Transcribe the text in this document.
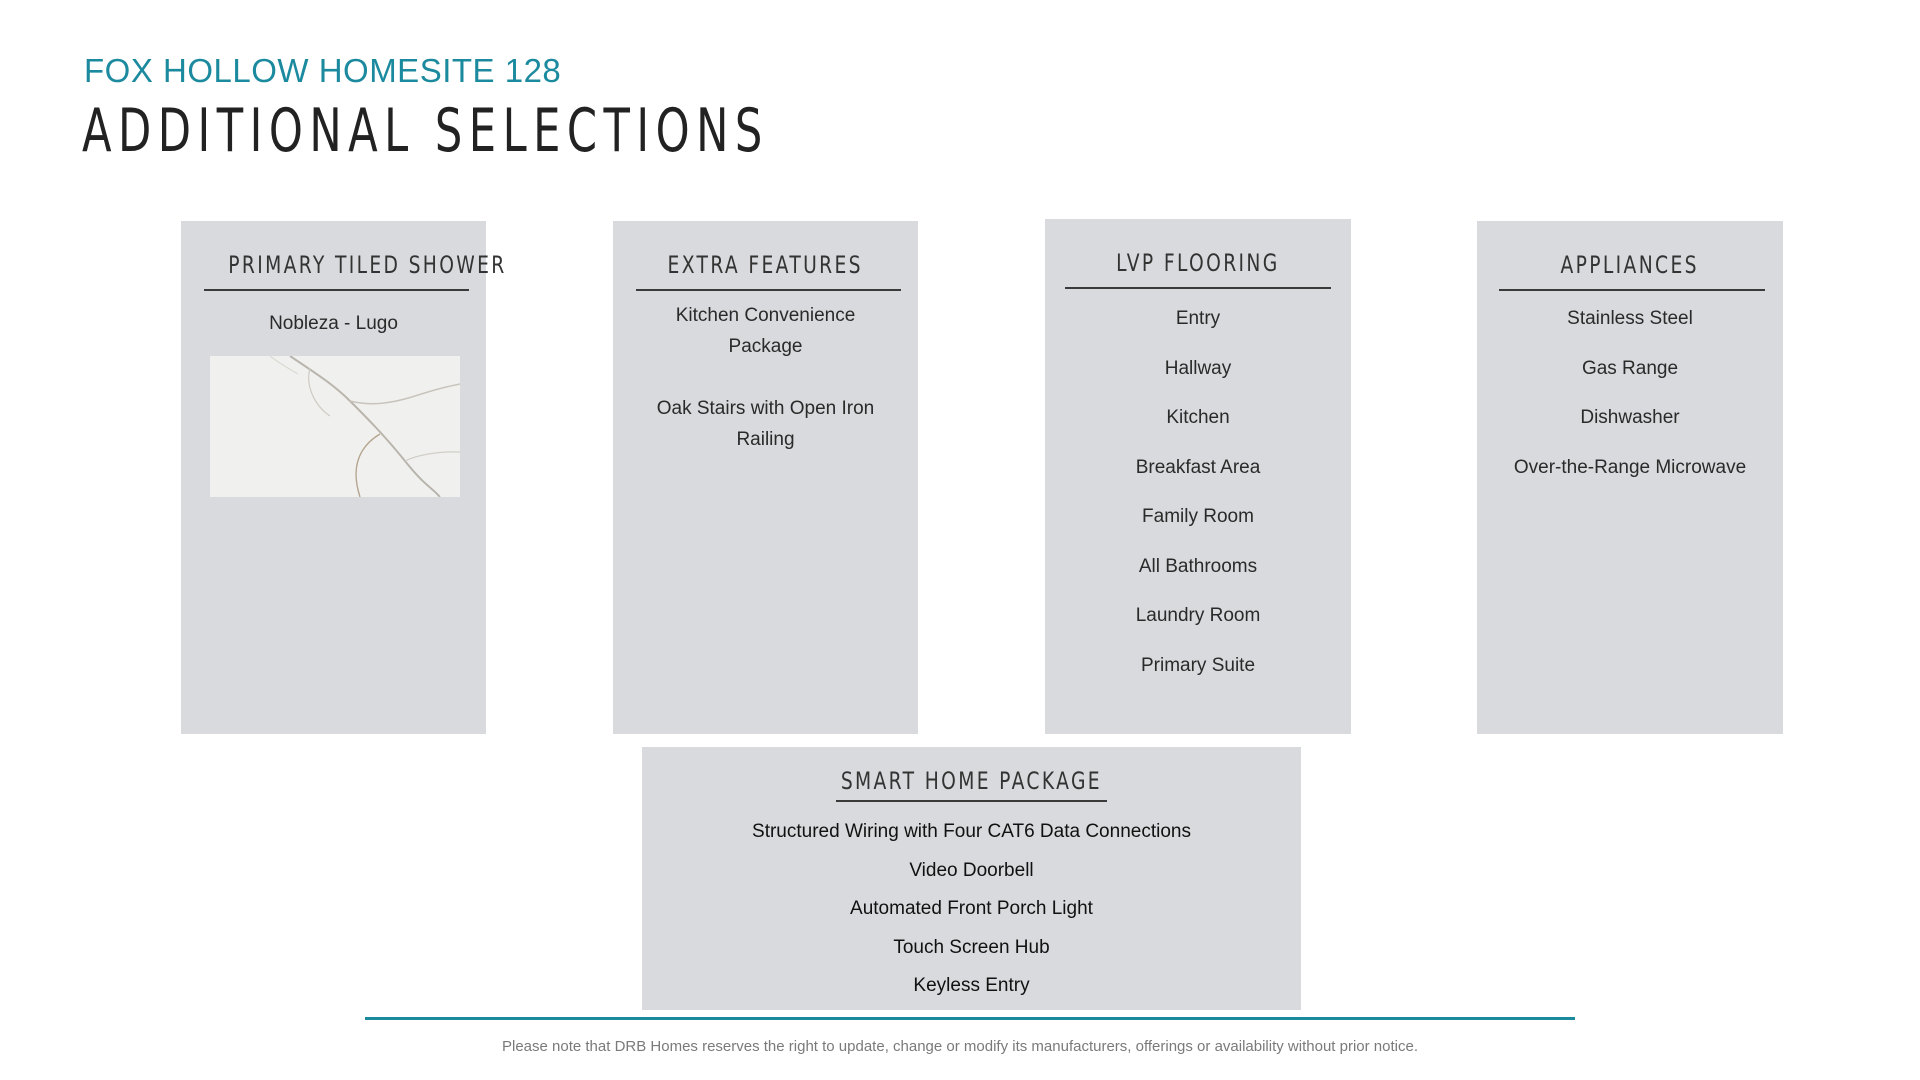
FOX HOLLOW HOMESITE 128
ADDITIONAL SELECTIONS
PRIMARY TILED SHOWER
Nobleza - Lugo
EXTRA FEATURES
Kitchen Convenience Package
Oak Stairs with Open Iron Railing
LVP FLOORING
Entry
Hallway
Kitchen
Breakfast Area
Family Room
All Bathrooms
Laundry Room
Primary Suite
APPLIANCES
Stainless Steel
Gas Range
Dishwasher
Over-the-Range Microwave
SMART HOME PACKAGE
Structured Wiring with Four CAT6 Data Connections
Video Doorbell
Automated Front Porch Light
Touch Screen Hub
Keyless Entry
Please note that DRB Homes reserves the right to update, change or modify its manufacturers, offerings or availability without prior notice.
